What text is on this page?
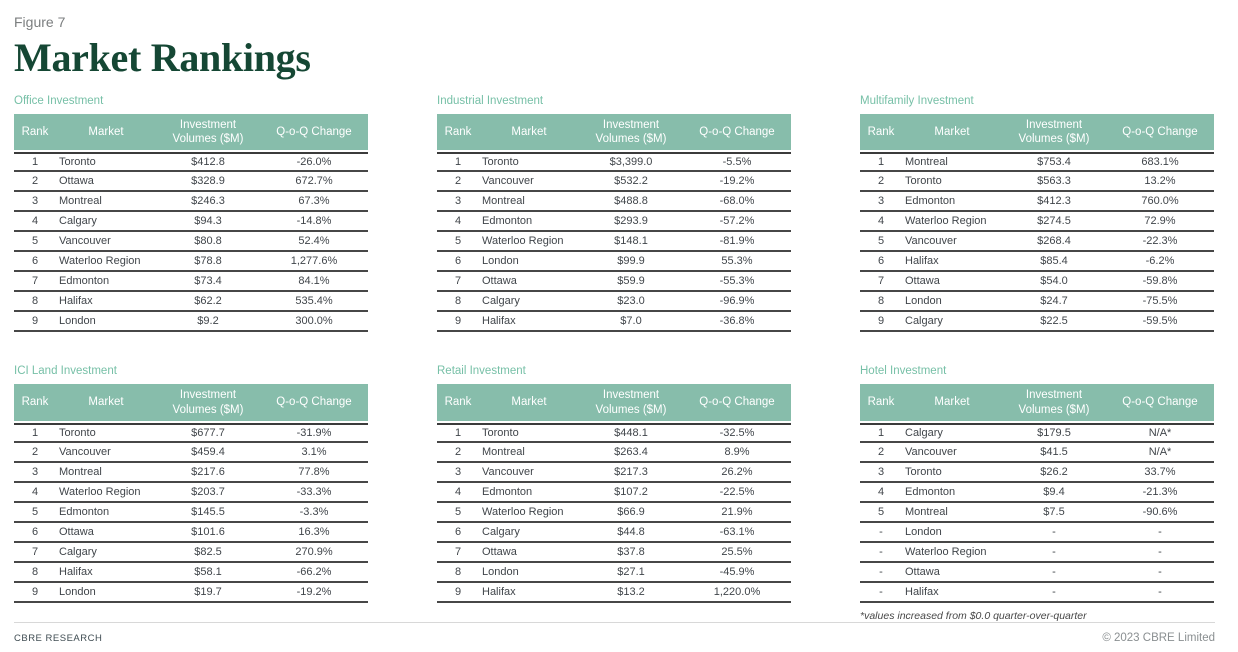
Figure 7
Market Rankings
Office Investment
Rank	Market	Investment Volumes ($M)	Q-o-Q Change
1	Toronto	$412.8	-26.0%
2	Ottawa	$328.9	672.7%
3	Montreal	$246.3	67.3%
4	Calgary	$94.3	-14.8%
5	Vancouver	$80.8	52.4%
6	Waterloo Region	$78.8	1,277.6%
7	Edmonton	$73.4	84.1%
8	Halifax	$62.2	535.4%
9	London	$9.2	300.0%
Industrial Investment
Rank	Market	Investment Volumes ($M)	Q-o-Q Change
1	Toronto	$3,399.0	-5.5%
2	Vancouver	$532.2	-19.2%
3	Montreal	$488.8	-68.0%
4	Edmonton	$293.9	-57.2%
5	Waterloo Region	$148.1	-81.9%
6	London	$99.9	55.3%
7	Ottawa	$59.9	-55.3%
8	Calgary	$23.0	-96.9%
9	Halifax	$7.0	-36.8%
Multifamily Investment
Rank	Market	Investment Volumes ($M)	Q-o-Q Change
1	Montreal	$753.4	683.1%
2	Toronto	$563.3	13.2%
3	Edmonton	$412.3	760.0%
4	Waterloo Region	$274.5	72.9%
5	Vancouver	$268.4	-22.3%
6	Halifax	$85.4	-6.2%
7	Ottawa	$54.0	-59.8%
8	London	$24.7	-75.5%
9	Calgary	$22.5	-59.5%
ICI Land Investment
Rank	Market	Investment Volumes ($M)	Q-o-Q Change
1	Toronto	$677.7	-31.9%
2	Vancouver	$459.4	3.1%
3	Montreal	$217.6	77.8%
4	Waterloo Region	$203.7	-33.3%
5	Edmonton	$145.5	-3.3%
6	Ottawa	$101.6	16.3%
7	Calgary	$82.5	270.9%
8	Halifax	$58.1	-66.2%
9	London	$19.7	-19.2%
Retail Investment
Rank	Market	Investment Volumes ($M)	Q-o-Q Change
1	Toronto	$448.1	-32.5%
2	Montreal	$263.4	8.9%
3	Vancouver	$217.3	26.2%
4	Edmonton	$107.2	-22.5%
5	Waterloo Region	$66.9	21.9%
6	Calgary	$44.8	-63.1%
7	Ottawa	$37.8	25.5%
8	London	$27.1	-45.9%
9	Halifax	$13.2	1,220.0%
Hotel Investment
Rank	Market	Investment Volumes ($M)	Q-o-Q Change
1	Calgary	$179.5	N/A*
2	Vancouver	$41.5	N/A*
3	Toronto	$26.2	33.7%
4	Edmonton	$9.4	-21.3%
5	Montreal	$7.5	-90.6%
-	London	-	-
-	Waterloo Region	-	-
-	Ottawa	-	-
-	Halifax	-	-
*values increased from $0.0 quarter-over-quarter
CBRE RESEARCH	© 2023 CBRE Limited
